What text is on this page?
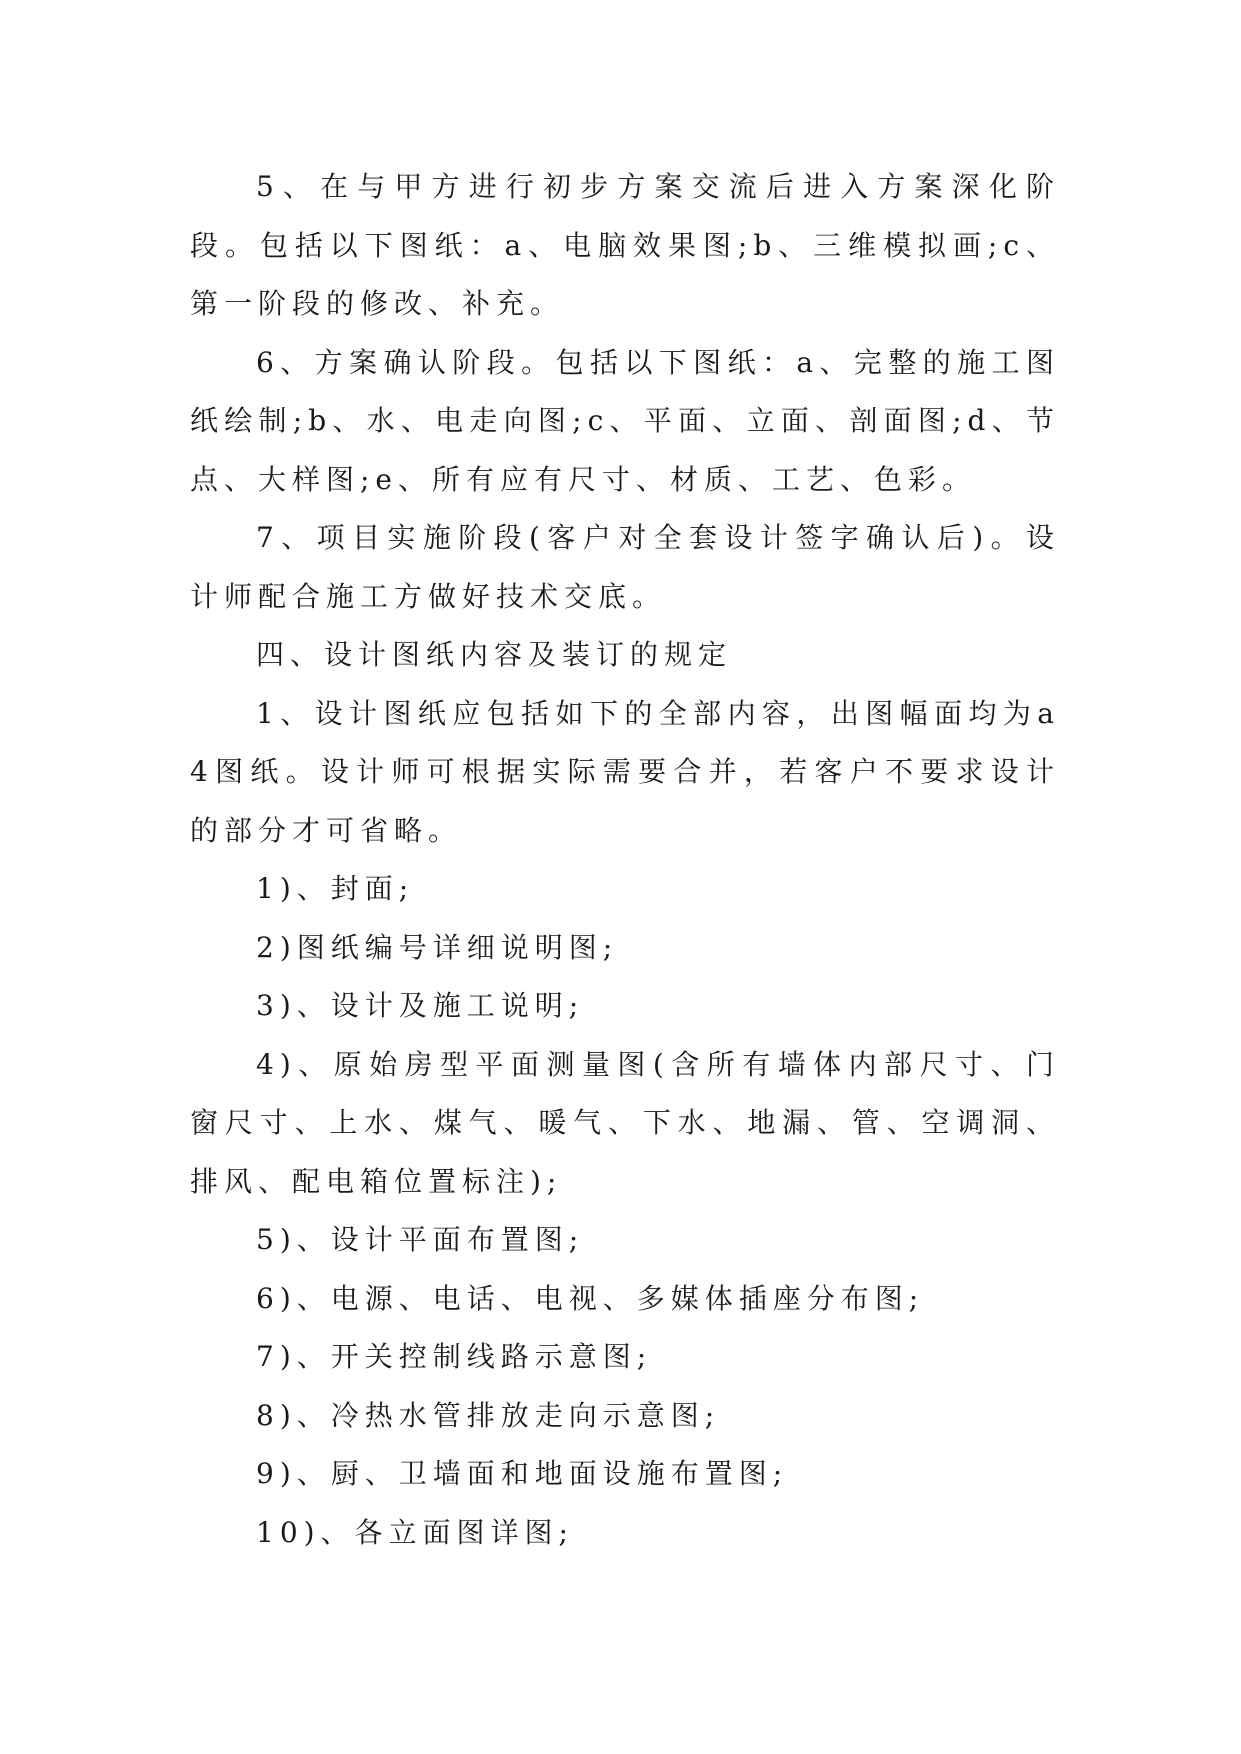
5、在与甲方进行初步方案交流后进入方案深化阶段。包括以下图纸：a、电脑效果图;b、三维模拟画;c、第一阶段的修改、补充。

6、方案确认阶段。包括以下图纸：a、完整的施工图纸绘制;b、水、电走向图;c、平面、立面、剖面图;d、节点、大样图;e、所有应有尺寸、材质、工艺、色彩。

7、项目实施阶段(客户对全套设计签字确认后)。设计师配合施工方做好技术交底。

四、设计图纸内容及装订的规定

1、设计图纸应包括如下的全部内容，出图幅面均为a4图纸。设计师可根据实际需要合并，若客户不要求设计的部分才可省略。

1)、封面;

2)图纸编号详细说明图;

3)、设计及施工说明;

4)、原始房型平面测量图(含所有墙体内部尺寸、门窗尺寸、上水、煤气、暖气、下水、地漏、管、空调洞、排风、配电箱位置标注);

5)、设计平面布置图;

6)、电源、电话、电视、多媒体插座分布图;

7)、开关控制线路示意图;

8)、冷热水管排放走向示意图;

9)、厨、卫墙面和地面设施布置图;

10)、各立面图详图;
